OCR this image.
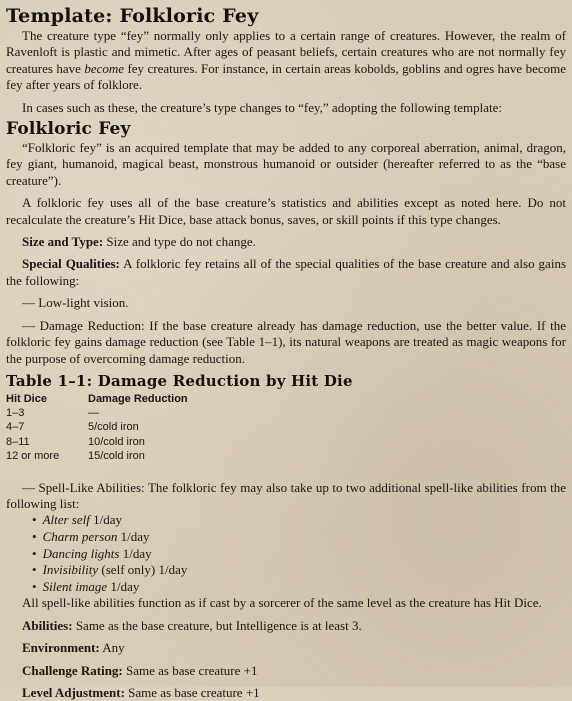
Template: Folkloric Fey

The creature type “fey” normally only applies to a certain range of creatures. However, the realm of Ravenloft is plastic and mimetic. After ages of peasant beliefs, certain creatures who are not normally fey creatures have become fey creatures. For instance, in certain areas kobolds, goblins and ogres have become fey after years of folklore.

In cases such as these, the creature’s type changes to “fey,” adopting the following template:

Folkloric Fey

“Folkloric fey” is an acquired template that may be added to any corporeal aberration, animal, dragon, fey giant, humanoid, magical beast, monstrous humanoid or outsider (hereafter referred to as the “base creature”).

A folkloric fey uses all of the base creature’s statistics and abilities except as noted here. Do not recalculate the creature’s Hit Dice, base attack bonus, saves, or skill points if this type changes.

Size and Type: Size and type do not change.

Special Qualities: A folkloric fey retains all of the special qualities of the base creature and also gains the following:

— Low-light vision.

— Damage Reduction: If the base creature already has damage reduction, use the better value. If the folkloric fey gains damage reduction (see Table 1–1), its natural weapons are treated as magic weapons for the purpose of overcoming damage reduction.

Table 1–1: Damage Reduction by Hit Die
Hit Dice	Damage Reduction
1–3	—
4–7	5/cold iron
8–11	10/cold iron
12 or more	15/cold iron

— Spell-Like Abilities: The folkloric fey may also take up to two additional spell-like abilities from the following list:

• Alter self 1/day
• Charm person 1/day
• Dancing lights 1/day
• Invisibility (self only) 1/day
• Silent image 1/day

All spell-like abilities function as if cast by a sorcerer of the same level as the creature has Hit Dice.

Abilities: Same as the base creature, but Intelligence is at least 3.

Environment: Any

Challenge Rating: Same as base creature +1

Level Adjustment: Same as base creature +1
